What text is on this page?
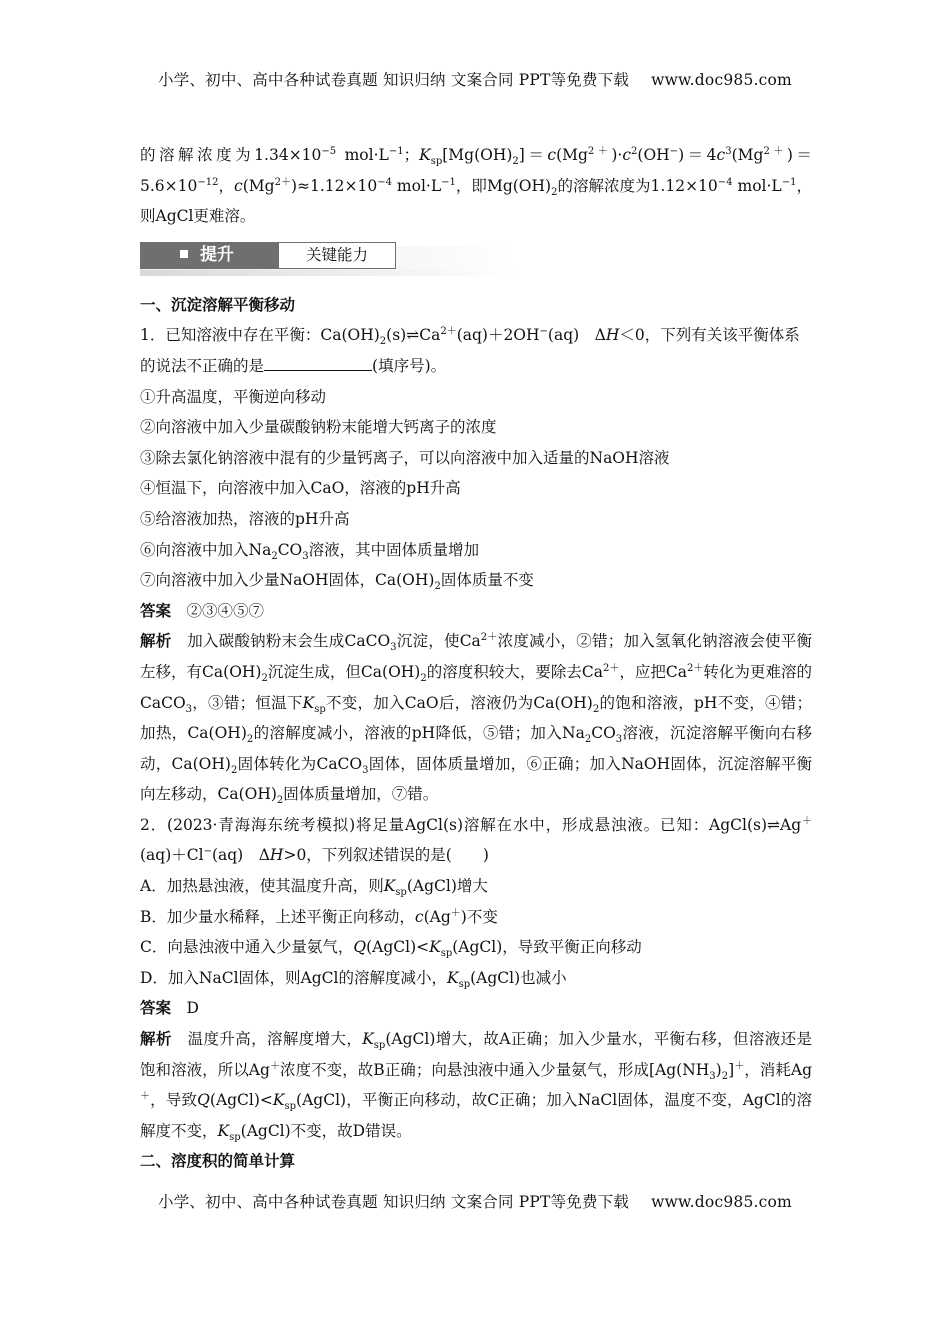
小学、初中、高中各种试卷真题 知识归纳 文案合同 PPT等免费下载 www.doc985.com

的溶解浓度为$1.34\times 10^{-5}$ $mol\cdot L^{-1}$；$K_{sp}[Mg(OH)_2]=c(Mg^{2+})\cdot c^2(OH^-)=4c^3(Mg^{2+})=5.6\times 10^{-12}$，$c(Mg^{2+})\approx 1.12\times 10^{-4}$ $mol\cdot L^{-1}$，即$Mg(OH)_2$的溶解浓度为$1.12\times 10^{-4}$ $mol\cdot L^{-1}$，则AgCl更难溶。

提升	关键能力

一、沉淀溶解平衡移动

1．已知溶液中存在平衡：$Ca(OH)_2(s)\rightleftharpoons Ca^{2+}(aq)+2OH^-(aq)$　ΔH＜0，下列有关该平衡体系的说法不正确的是	(填序号)。

①升高温度，平衡逆向移动

②向溶液中加入少量碳酸钠粉末能增大钙离子的浓度

③除去氯化钠溶液中混有的少量钙离子，可以向溶液中加入适量的NaOH溶液

④恒温下，向溶液中加入CaO，溶液的pH升高

⑤给溶液加热，溶液的pH升高

⑥向溶液中加入$Na_2CO_3$溶液，其中固体质量增加

⑦向溶液中加入少量NaOH固体，$Ca(OH)_2$固体质量不变

答案　 ②③④⑤⑦

解析　加入碳酸钠粉末会生成CaCO$_3$沉淀，使$Ca^{2+}$浓度减小，②错；加入氢氧化钠溶液会使平衡左移，有$Ca(OH)_2$沉淀生成，但$Ca(OH)_2$的溶度积较大，要除去$Ca^{2+}$，应把$Ca^{2+}$转化为更难溶的CaCO$_3$，③错；恒温下$K_{sp}$不变，加入CaO后，溶液仍为$Ca(OH)_2$的饱和溶液，pH不变，④错；加热，$Ca(OH)_2$的溶解度减小，溶液的pH降低，⑤错；加入$Na_2CO_3$溶液，沉淀溶解平衡向右移动，$Ca(OH)_2$固体转化为CaCO$_3$固体，固体质量增加，⑥正确；加入NaOH固体，沉淀溶解平衡向左移动，$Ca(OH)_2$固体质量增加，⑦错。

2．(2023·青海海东统考模拟)将足量AgCl(s)溶解在水中，形成悬浊液。已知：AgCl(s)⇌Ag＋(aq)＋Cl−(aq)　ΔH>0，下列叙述错误的是(　　)

A．加热悬浊液，使其温度升高，则$K_{sp}(AgCl)$增大

B．加少量水稀释，上述平衡正向移动，c(Ag＋)不变

C．向悬浊液中通入少量氨气，$Q(AgCl)<K_{sp}(AgCl)$，导致平衡正向移动

D．加入NaCl固体，则AgCl的溶解度减小，$K_{sp}(AgCl)$也减小

答案　 D

解析　温度升高，溶解度增大，$K_{sp}(AgCl)$增大，故A正确；加入少量水，平衡右移，但溶液还是饱和溶液，所以Ag＋浓度不变，故B正确；向悬浊液中通入少量氨气，形成$[Ag(NH_3)_2]^+$，消耗Ag＋，导致$Q(AgCl)<K_{sp}(AgCl)$，平衡正向移动，故C正确；加入NaCl固体，温度不变，AgCl的溶解度不变，$K_{sp}(AgCl)$不变，故D错误。

二、溶度积的简单计算

小学、初中、高中各种试卷真题 知识归纳 文案合同 PPT等免费下载 www.doc985.com
